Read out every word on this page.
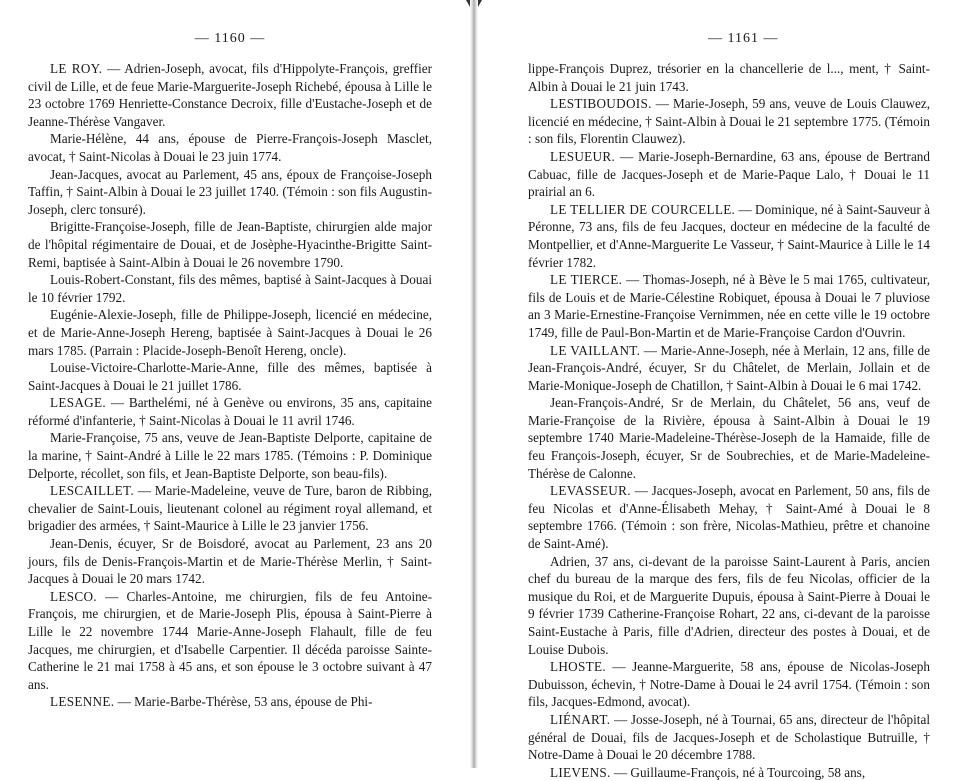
— 1160 —

LE ROY. — Adrien-Joseph, avocat, fils d'Hippolyte-François, greffier civil de Lille, et de feue Marie-Marguerite-Joseph Richebé, épousa à Lille le 23 octobre 1769 Henriette-Constance Decroix, fille d'Eustache-Joseph et de Jeanne-Thérèse Vangaver.

Marie-Hélène, 44 ans, épouse de Pierre-François-Joseph Masclet, avocat, † Saint-Nicolas à Douai le 23 juin 1774.

Jean-Jacques, avocat au Parlement, 45 ans, époux de Françoise-Joseph Taffin, † Saint-Albin à Douai le 23 juillet 1740. (Témoin : son fils Augustin-Joseph, clerc tonsuré).

Brigitte-Françoise-Joseph, fille de Jean-Baptiste, chirurgien alde major de l'hôpital régimentaire de Douai, et de Josèphe-Hyacinthe-Brigitte Saint-Remi, baptisée à Saint-Albin à Douai le 26 novembre 1790.

Louis-Robert-Constant, fils des mêmes, baptisé à Saint-Jacques à Douai le 10 février 1792.

Eugénie-Alexie-Joseph, fille de Philippe-Joseph, licencié en médecine, et de Marie-Anne-Joseph Hereng, baptisée à Saint-Jacques à Douai le 26 mars 1785. (Parrain : Placide-Joseph-Benoît Hereng, oncle).

Louise-Victoire-Charlotte-Marie-Anne, fille des mêmes, baptisée à Saint-Jacques à Douai le 21 juillet 1786.

LESAGE. — Barthelémi, né à Genève ou environs, 35 ans, capitaine réformé d'infanterie, † Saint-Nicolas à Douai le 11 avril 1746.

Marie-Françoise, 75 ans, veuve de Jean-Baptiste Delporte, capitaine de la marine, † Saint-André à Lille le 22 mars 1785. (Témoins : P. Dominique Delporte, récollet, son fils, et Jean-Baptiste Delporte, son beau-fils).

LESCAILLET. — Marie-Madeleine, veuve de Ture, baron de Ribbing, chevalier de Saint-Louis, lieutenant colonel au régiment royal allemand, et brigadier des armées, † Saint-Maurice à Lille le 23 janvier 1756.

Jean-Denis, écuyer, Sr de Boisdoré, avocat au Parlement, 23 ans 20 jours, fils de Denis-François-Martin et de Marie-Thérèse Merlin, † Saint-Jacques à Douai le 20 mars 1742.

LESCO. — Charles-Antoine, me chirurgien, fils de feu Antoine-François, me chirurgien, et de Marie-Joseph Plis, épousa à Saint-Pierre à Lille le 22 novembre 1744 Marie-Anne-Joseph Flahault, fille de feu Jacques, me chirurgien, et d'Isabelle Carpentier. Il décéda paroisse Sainte-Catherine le 21 mai 1758 à 45 ans, et son épouse le 3 octobre suivant à 47 ans.

LESENNE. — Marie-Barbe-Thérèse, 53 ans, épouse de Phi-

— 1161 —

lippe-François Duprez, trésorier en la chancellerie de l..., ment, † Saint-Albin à Douai le 21 juin 1743.

LESTIBOUDOIS. — Marie-Joseph, 59 ans, veuve de Louis Clauwez, licencié en médecine, † Saint-Albin à Douai le 21 septembre 1775. (Témoin : son fils, Florentin Clauwez).

LESUEUR. — Marie-Joseph-Bernardine, 63 ans, épouse de Bertrand Cabuac, fille de Jacques-Joseph et de Marie-Paque Lalo, † Douai le 11 prairial an 6.

LE TELLIER DE COURCELLE. — Dominique, né à Saint-Sauveur à Péronne, 73 ans, fils de feu Jacques, docteur en médecine de la faculté de Montpellier, et d'Anne-Marguerite Le Vasseur, † Saint-Maurice à Lille le 14 février 1782.

LE TIERCE. — Thomas-Joseph, né à Bève le 5 mai 1765, cultivateur, fils de Louis et de Marie-Célestine Robiquet, épousa à Douai le 7 pluviose an 3 Marie-Ernestine-Françoise Vernimmen, née en cette ville le 19 octobre 1749, fille de Paul-Bon-Martin et de Marie-Françoise Cardon d'Ouvrin.

LE VAILLANT. — Marie-Anne-Joseph, née à Merlain, 12 ans, fille de Jean-François-André, écuyer, Sr du Châtelet, de Merlain, Jollain et de Marie-Monique-Joseph de Chatillon, † Saint-Albin à Douai le 6 mai 1742.

Jean-François-André, Sr de Merlain, du Châtelet, 56 ans, veuf de Marie-Françoise de la Rivière, épousa à Saint-Albin à Douai le 19 septembre 1740 Marie-Madeleine-Thérèse-Joseph de la Hamaide, fille de feu François-Joseph, écuyer, Sr de Soubrechies, et de Marie-Madeleine-Thérèse de Calonne.

LEVASSEUR. — Jacques-Joseph, avocat en Parlement, 50 ans, fils de feu Nicolas et d'Anne-Élisabeth Mehay, † Saint-Amé à Douai le 8 septembre 1766. (Témoin : son frère, Nicolas-Mathieu, prêtre et chanoine de Saint-Amé).

Adrien, 37 ans, ci-devant de la paroisse Saint-Laurent à Paris, ancien chef du bureau de la marque des fers, fils de feu Nicolas, officier de la musique du Roi, et de Marguerite Dupuis, épousa à Saint-Pierre à Douai le 9 février 1739 Catherine-Françoise Rohart, 22 ans, ci-devant de la paroisse Saint-Eustache à Paris, fille d'Adrien, directeur des postes à Douai, et de Louise Dubois.

LHOSTE. — Jeanne-Marguerite, 58 ans, épouse de Nicolas-Joseph Dubuisson, échevin, † Notre-Dame à Douai le 24 avril 1754. (Témoin : son fils, Jacques-Edmond, avocat).

LIÉNART. — Josse-Joseph, né à Tournai, 65 ans, directeur de l'hôpital général de Douai, fils de Jacques-Joseph et de Scholastique Butruille, † Notre-Dame à Douai le 20 décembre 1788.

LIEVENS. — Guillaume-François, né à Tourcoing, 58 ans,
